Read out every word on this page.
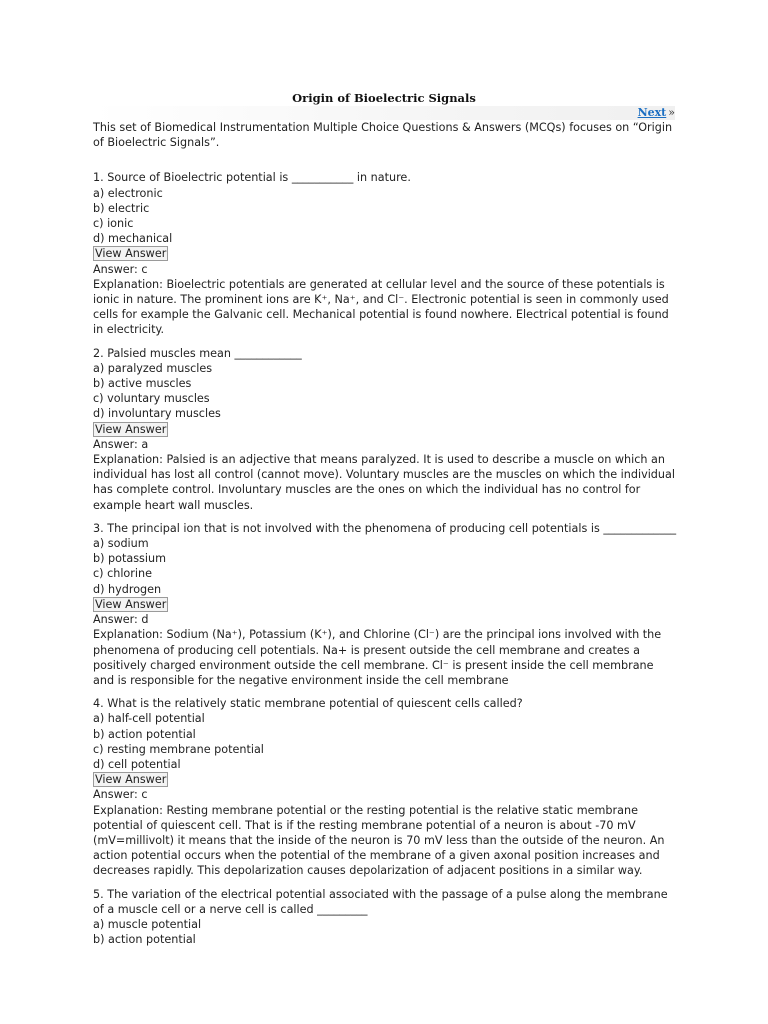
Origin of Bioelectric Signals
Next »
This set of Biomedical Instrumentation Multiple Choice Questions & Answers (MCQs) focuses on “Origin of Bioelectric Signals”.
1. Source of Bioelectric potential is ___________ in nature.
a) electronic
b) electric
c) ionic
d) mechanical
View Answer
Answer: c
Explanation: Bioelectric potentials are generated at cellular level and the source of these potentials is ionic in nature. The prominent ions are K⁺, Na⁺, and Cl⁻. Electronic potential is seen in commonly used cells for example the Galvanic cell. Mechanical potential is found nowhere. Electrical potential is found in electricity.
2. Palsied muscles mean ____________
a) paralyzed muscles
b) active muscles
c) voluntary muscles
d) involuntary muscles
View Answer
Answer: a
Explanation: Palsied is an adjective that means paralyzed. It is used to describe a muscle on which an individual has lost all control (cannot move). Voluntary muscles are the muscles on which the individual has complete control. Involuntary muscles are the ones on which the individual has no control for example heart wall muscles.
3. The principal ion that is not involved with the phenomena of producing cell potentials is _____________
a) sodium
b) potassium
c) chlorine
d) hydrogen
View Answer
Answer: d
Explanation: Sodium (Na⁺), Potassium (K⁺), and Chlorine (Cl⁻) are the principal ions involved with the phenomena of producing cell potentials. Na+ is present outside the cell membrane and creates a positively charged environment outside the cell membrane. Cl⁻ is present inside the cell membrane and is responsible for the negative environment inside the cell membrane
4. What is the relatively static membrane potential of quiescent cells called?
a) half-cell potential
b) action potential
c) resting membrane potential
d) cell potential
View Answer
Answer: c
Explanation: Resting membrane potential or the resting potential is the relative static membrane potential of quiescent cell. That is if the resting membrane potential of a neuron is about -70 mV (mV=millivolt) it means that the inside of the neuron is 70 mV less than the outside of the neuron. An action potential occurs when the potential of the membrane of a given axonal position increases and decreases rapidly. This depolarization causes depolarization of adjacent positions in a similar way.
5. The variation of the electrical potential associated with the passage of a pulse along the membrane of a muscle cell or a nerve cell is called _________
a) muscle potential
b) action potential
